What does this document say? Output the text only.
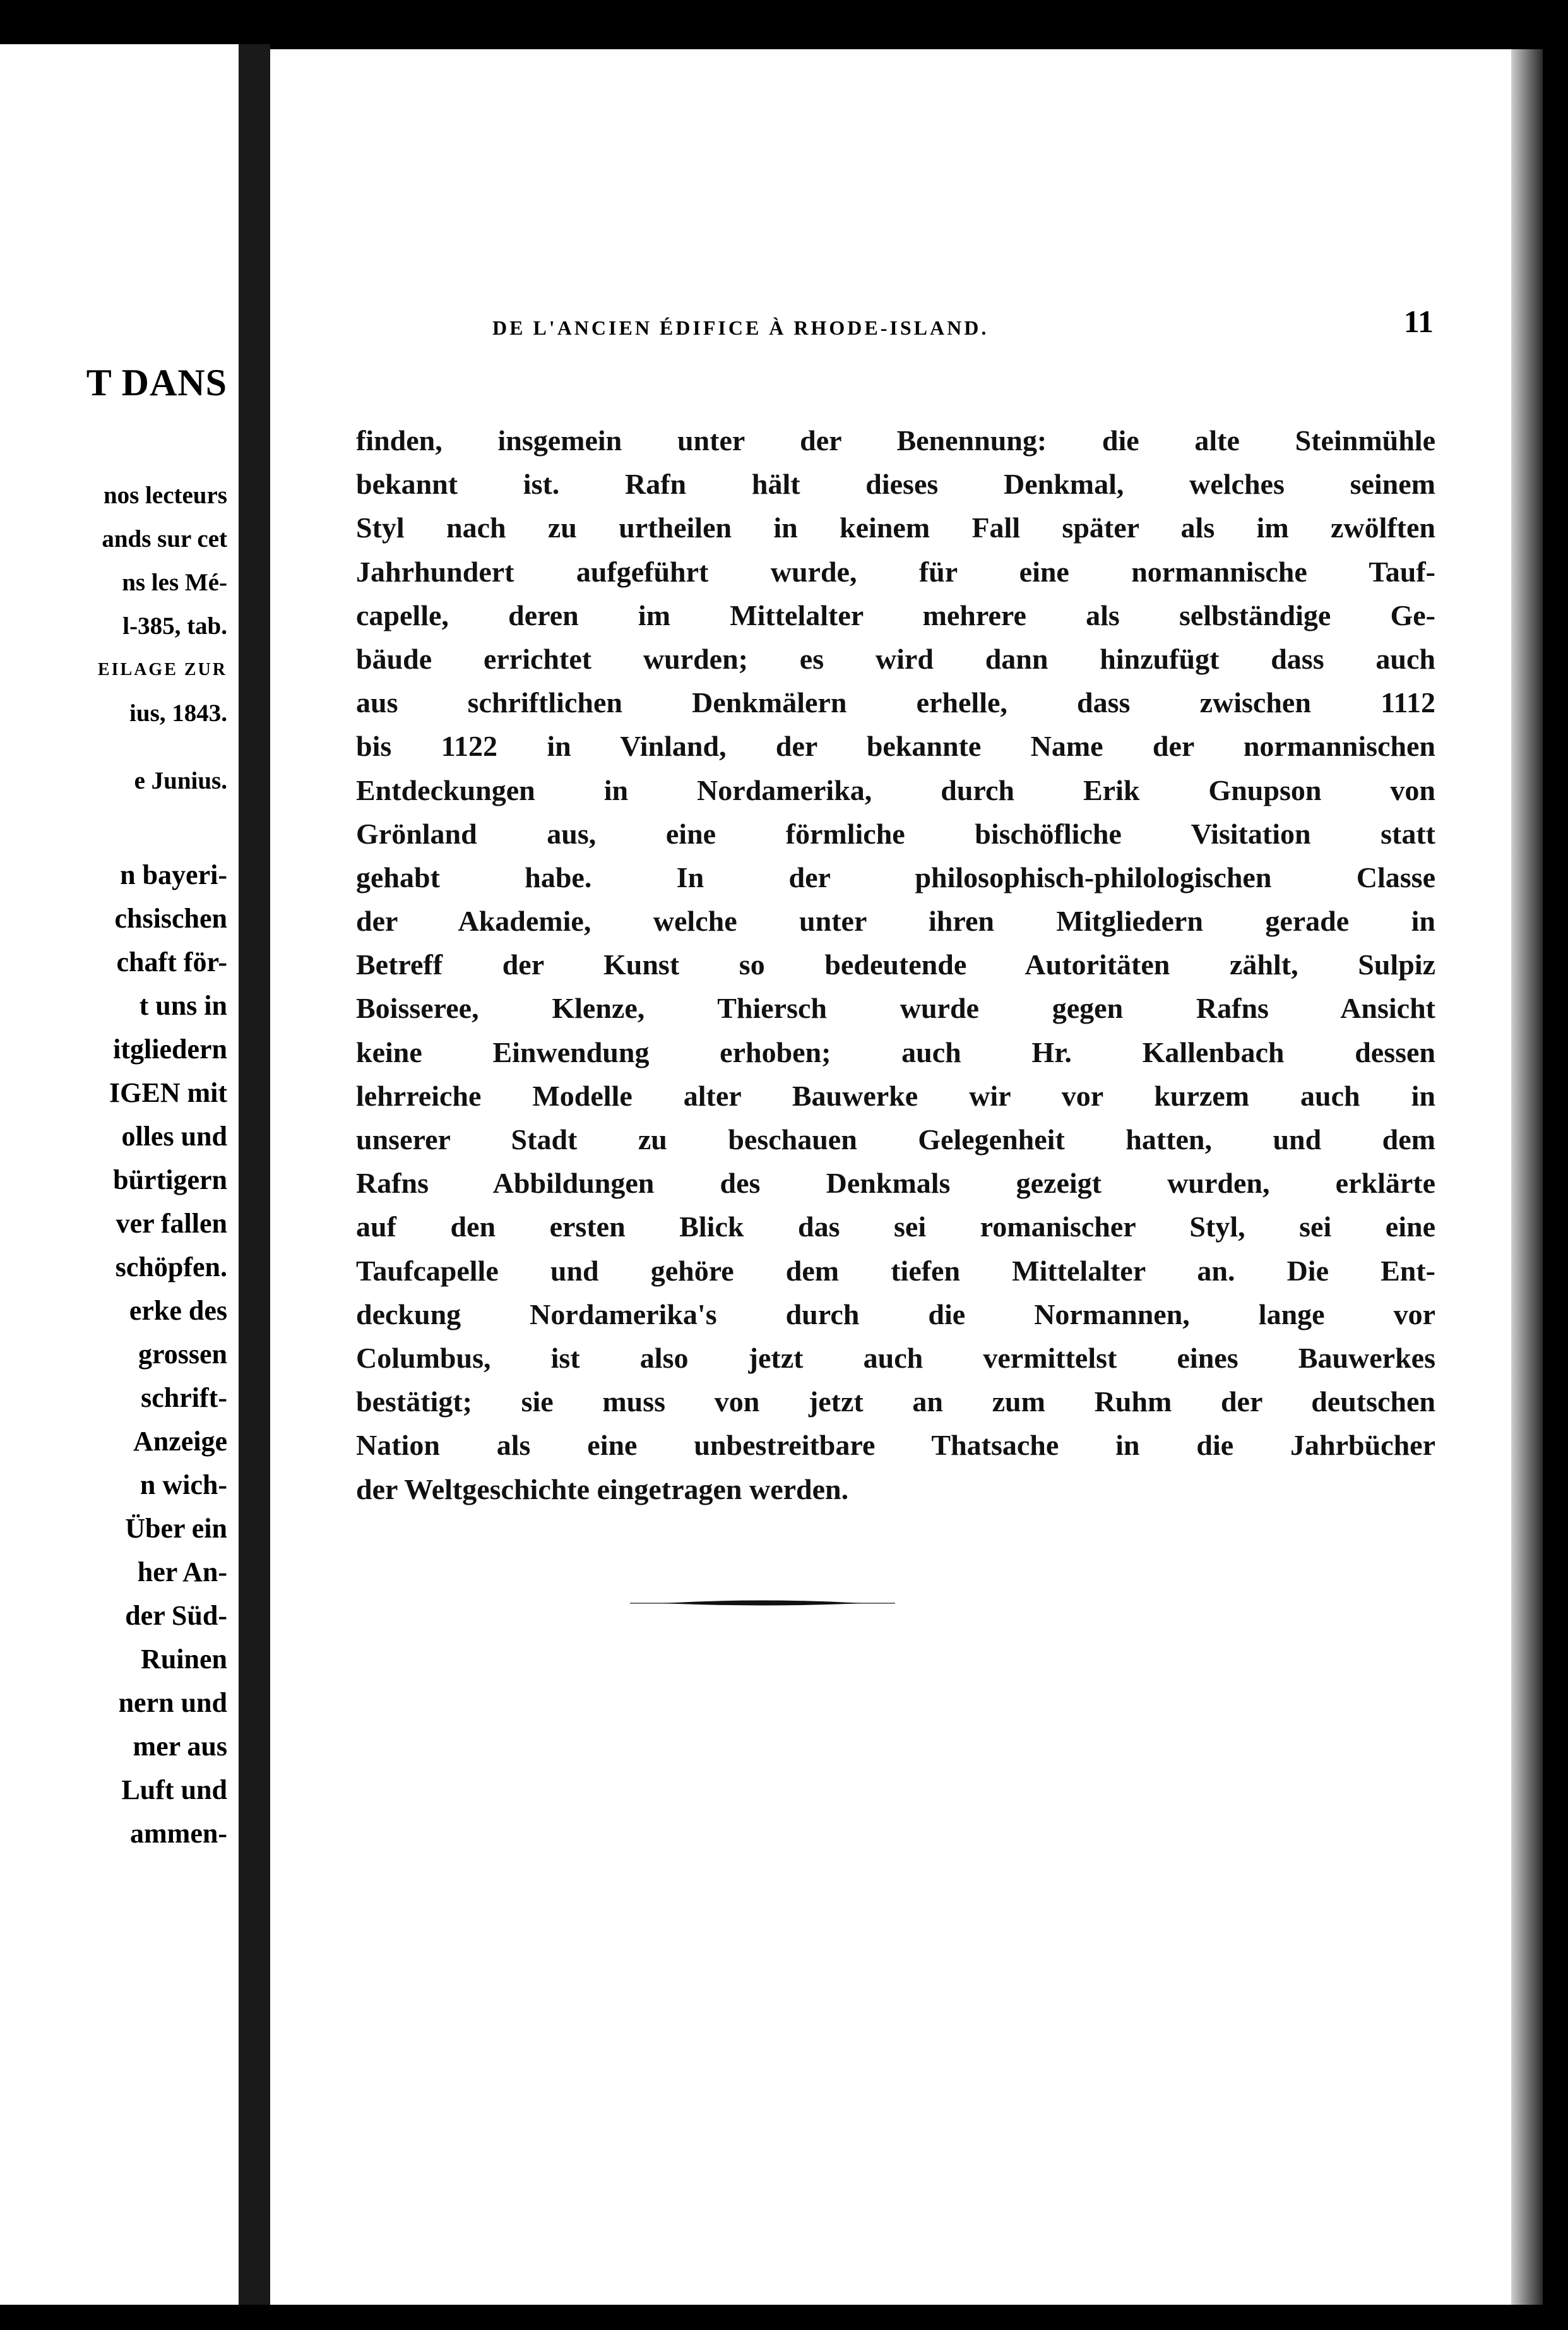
T DANS
nos lecteurs
ands sur cet
ns les Mé-
l-385, tab.
EILAGE ZUR
ius, 1843.
e Junius.
n bayeri-
chsischen
chaft för-
t uns in
itgliedern
IGEN mit
olles und
bürtigern
ver fallen
schöpfen.
erke des
grossen
schrift-
Anzeige
n wich-
Über ein
her An-
der Süd-
Ruinen
nern und
mer aus
Luft und
ammen-
DE L'ANCIEN ÉDIFICE À RHODE-ISLAND.	11
finden, insgemein unter der Benennung: die alte Steinmühle
bekannt ist. Rafn hält dieses Denkmal, welches seinem
Styl nach zu urtheilen in keinem Fall später als im zwölften
Jahrhundert aufgeführt wurde, für eine normannische Tauf-
capelle, deren im Mittelalter mehrere als selbständige Ge-
bäude errichtet wurden; es wird dann hinzufügt dass auch
aus schriftlichen Denkmälern erhelle, dass zwischen 1112
bis 1122 in Vinland, der bekannte Name der normannischen
Entdeckungen in Nordamerika, durch Erik Gnupson von
Grönland aus, eine förmliche bischöfliche Visitation statt
gehabt habe. In der philosophisch-philologischen Classe
der Akademie, welche unter ihren Mitgliedern gerade in
Betreff der Kunst so bedeutende Autoritäten zählt, Sulpiz
Boisseree, Klenze, Thiersch wurde gegen Rafns Ansicht
keine Einwendung erhoben; auch Hr. Kallenbach dessen
lehrreiche Modelle alter Bauwerke wir vor kurzem auch in
unserer Stadt zu beschauen Gelegenheit hatten, und dem
Rafns Abbildungen des Denkmals gezeigt wurden, erklärte
auf den ersten Blick das sei romanischer Styl, sei eine
Taufcapelle und gehöre dem tiefen Mittelalter an. Die Ent-
deckung Nordamerika's durch die Normannen, lange vor
Columbus, ist also jetzt auch vermittelst eines Bauwerkes
bestätigt; sie muss von jetzt an zum Ruhm der deutschen
Nation als eine unbestreitbare Thatsache in die Jahrbücher
der Weltgeschichte eingetragen werden.
